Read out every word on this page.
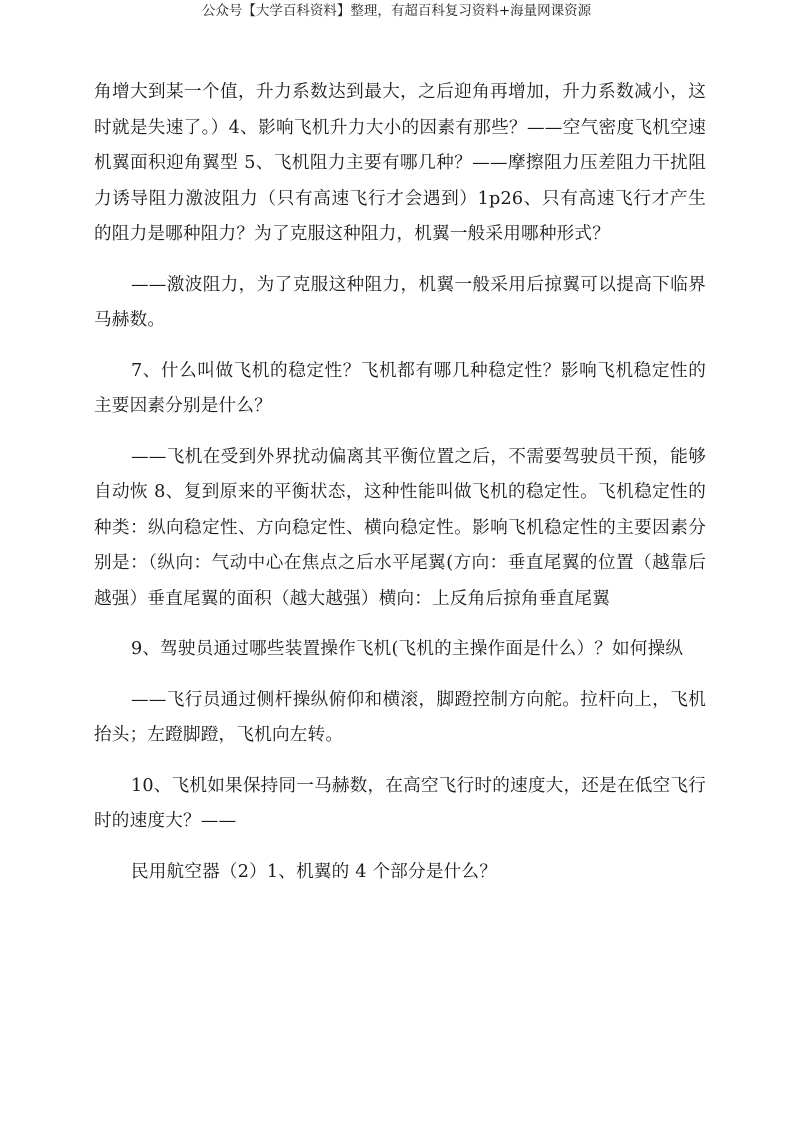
公众号【大学百科资料】整理，有超百科复习资料+海量网课资源

角增大到某一个值，升力系数达到最大，之后迎角再增加，升力系数减小，这时就是失速了。）4、影响飞机升力大小的因素有那些？——空气密度飞机空速机翼面积迎角翼型 5、飞机阻力主要有哪几种？——摩擦阻力压差阻力干扰阻力诱导阻力激波阻力（只有高速飞行才会遇到）1p26、只有高速飞行才产生的阻力是哪种阻力？为了克服这种阻力，机翼一般采用哪种形式？

——激波阻力，为了克服这种阻力，机翼一般采用后掠翼可以提高下临界马赫数。

7、什么叫做飞机的稳定性？飞机都有哪几种稳定性？影响飞机稳定性的主要因素分别是什么？

——飞机在受到外界扰动偏离其平衡位置之后，不需要驾驶员干预，能够自动恢 8、复到原来的平衡状态，这种性能叫做飞机的稳定性。飞机稳定性的种类：纵向稳定性、方向稳定性、横向稳定性。影响飞机稳定性的主要因素分别是：（纵向：气动中心在焦点之后水平尾翼(方向：垂直尾翼的位置（越靠后越强）垂直尾翼的面积（越大越强）横向：上反角后掠角垂直尾翼

9、驾驶员通过哪些装置操作飞机(飞机的主操作面是什么）？如何操纵

——飞行员通过侧杆操纵俯仰和横滚，脚蹬控制方向舵。拉杆向上，飞机抬头；左蹬脚蹬，飞机向左转。

10、飞机如果保持同一马赫数，在高空飞行时的速度大，还是在低空飞行时的速度大？——

民用航空器（2）1、机翼的 4 个部分是什么？
